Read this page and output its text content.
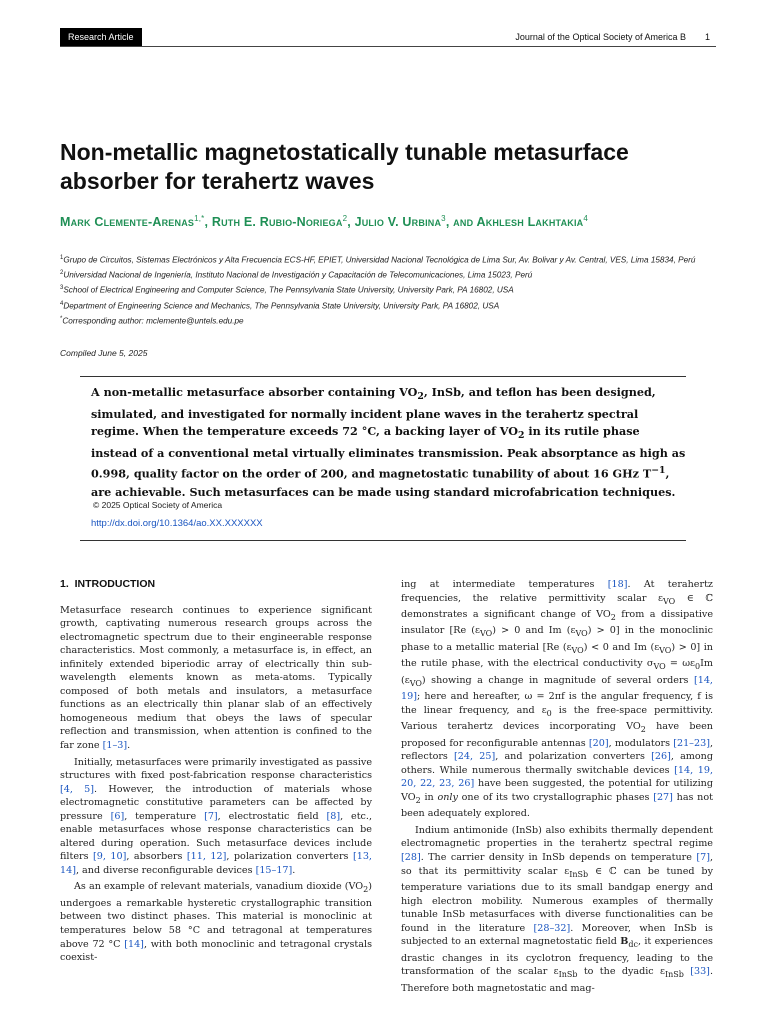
Research Article	Journal of the Optical Society of America B 1
Non-metallic magnetostatically tunable metasurface absorber for terahertz waves
Mark Clemente-Arenas$^{1,*}$, Ruth E. Rubio-Noriega$^2$, Julio V. Urbina$^3$, and Akhlesh Lakhtakia$^4$
$^1$Grupo de Circuitos, Sistemas Electrónicos y Alta Frecuencia ECS-HF, EPIET, Universidad Nacional Tecnológica de Lima Sur, Av. Bolivar y Av. Central, VES, Lima 15834, Perú
$^2$Universidad Nacional de Ingeniería, Instituto Nacional de Investigación y Capacitación de Telecomunicaciones, Lima 15023, Perú
$^3$School of Electrical Engineering and Computer Science, The Pennsylvania State University, University Park, PA 16802, USA
$^4$Department of Engineering Science and Mechanics, The Pennsylvania State University, University Park, PA 16802, USA
*Corresponding author: mclemente@untels.edu.pe
Compiled June 5, 2025
A non-metallic metasurface absorber containing $VO_2$, InSb, and teflon has been designed, simulated, and investigated for normally incident plane waves in the terahertz spectral regime. When the temperature exceeds 72 °C, a backing layer of $VO_2$ in its rutile phase instead of a conventional metal virtually eliminates transmission. Peak absorptance as high as 0.998, quality factor on the order of 200, and magnetostatic tunability of about 16 GHz $T^{-1}$, are achievable. Such metasurfaces can be made using standard microfabrication techniques.
© 2025 Optical Society of America
http://dx.doi.org/10.1364/ao.XX.XXXXXX
1. INTRODUCTION

Metasurface research continues to experience significant growth, captivating numerous research groups across the electromagnetic spectrum due to their engineerable response characteristics. Most commonly, a metasurface is, in effect, an infinitely extended biperiodic array of electrically thin sub-wavelength elements known as meta-atoms. Typically composed of both metals and insulators, a metasurface functions as an electrically thin planar slab of an effectively homogeneous medium that obeys the laws of specular reflection and transmission, when attention is confined to the far zone [1–3].

Initially, metasurfaces were primarily investigated as passive structures with fixed post-fabrication response characteristics [4, 5]. However, the introduction of materials whose electromagnetic constitutive parameters can be affected by pressure [6], temperature [7], electrostatic field [8], etc., enable metasurfaces whose response characteristics can be altered during operation. Such metasurface devices include filters [9, 10], absorbers [11, 12], polarization converters [13, 14], and diverse reconfigurable devices [15–17].

As an example of relevant materials, vanadium dioxide $(VO_2)$ undergoes a remarkable hysteretic crystallographic transition between two distinct phases. This material is monoclinic at temperatures below 58 °C and tetragonal at temperatures above 72 °C [14], with both monoclinic and tetragonal crystals coexist-

ing at intermediate temperatures [18]. At terahertz frequencies, the relative permittivity scalar $\varepsilon_{VO}$ ∈ ℂ demonstrates a significant change of $VO_2$ from a dissipative insulator [Re $(\varepsilon_{VO}) > 0$ and Im $(\varepsilon_{VO}) > 0$] in the monoclinic phase to a metallic material [Re $(\varepsilon_{VO}) < 0$ and Im $(\varepsilon_{VO}) > 0$] in the rutile phase, with the electrical conductivity $\sigma_{VO} = \omega\varepsilon_0Im$ $(\varepsilon_{VO})$ showing a change in magnitude of several orders [14, 19]; here and hereafter, ω = 2πf is the angular frequency, f is the linear frequency, and $\varepsilon_0$ is the free-space permittivity. Various terahertz devices incorporating $VO_2$ have been proposed for reconfigurable antennas [20], modulators [21–23], reflectors [24, 25], and polarization converters [26], among others. While numerous thermally switchable devices [14, 19, 20, 22, 23, 26] have been suggested, the potential for utilizing $VO_2$ in only one of its two crystallographic phases [27] has not been adequately explored.

Indium antimonide (InSb) also exhibits thermally dependent electromagnetic properties in the terahertz spectral regime [28]. The carrier density in InSb depends on temperature [7], so that its permittivity scalar $\varepsilon_{InSb}$ ∈ ℂ can be tuned by temperature variations due to its small bandgap energy and high electron mobility. Numerous examples of thermally tunable InSb metasurfaces with diverse functionalities can be found in the literature [28–32]. Moreover, when InSb is subjected to an external magnetostatic field $B_{dc}$, it experiences drastic changes in its cyclotron frequency, leading to the transformation of the scalar $\varepsilon_{InSb}$ to the dyadic $\varepsilon_{InSb}$ [33]. Therefore both magnetostatic and mag-
